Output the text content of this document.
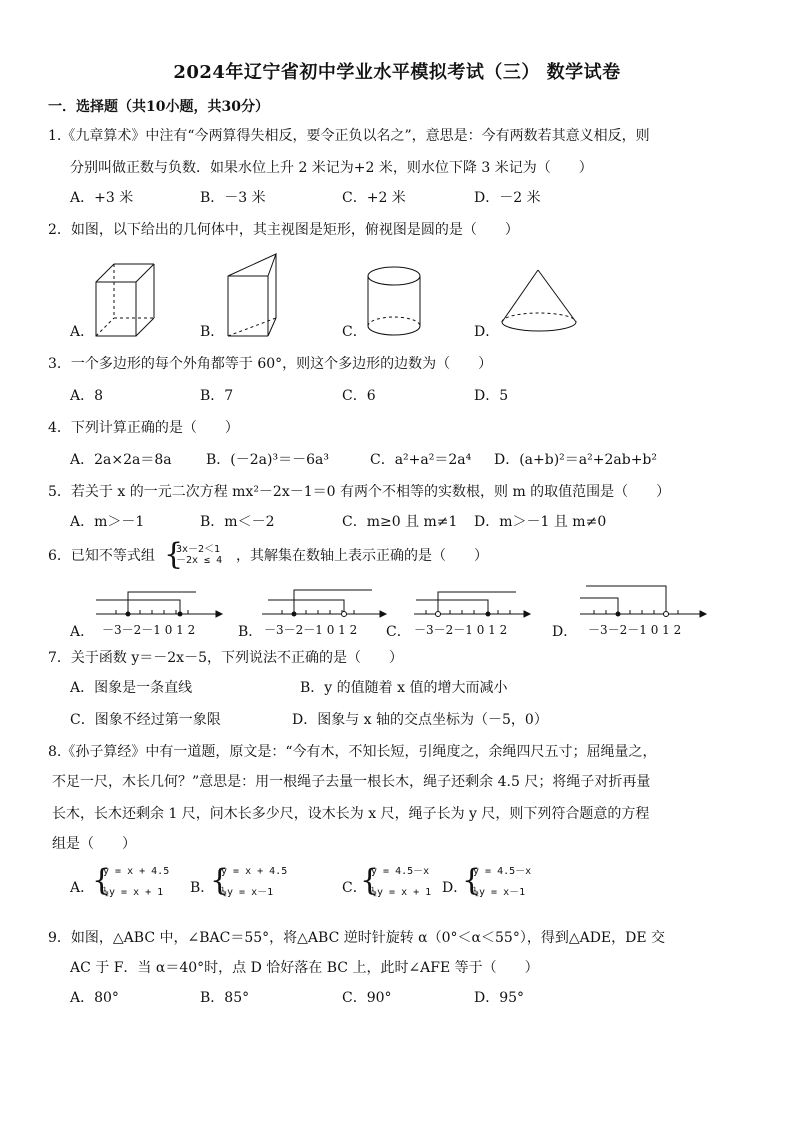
2024年辽宁省初中学业水平模拟考试（三） 数学试卷
一．选择题（共10小题，共30分）
1.《九章算术》中注有“今两算得失相反，要令正负以名之”，意思是：今有两数若其意义相反，则
分别叫做正数与负数．如果水位上升 2 米记为+2 米，则水位下降 3 米记为（　　）
A．+3 米	B．－3 米	C．+2 米	D．－2 米
2．如图，以下给出的几何体中，其主视图是矩形，俯视图是圆的是（　　）
A．	B．	C．	D．
3．一个多边形的每个外角都等于 60°，则这个多边形的边数为（　　）
A．8	B．7	C．6	D．5
4．下列计算正确的是（　　）
A．2a×2a＝8a B．(－2a)³＝－6a³	C．a²+a²＝2a⁴ D．(a+b)²＝a²+2ab+b²
5．若关于 x 的一元二次方程 mx²－2x－1＝0 有两个不相等的实数根，则 m 的取值范围是（　　）
A．m＞－1	B．m＜－2	C．m≥0 且 m≠1 D．m＞－1 且 m≠0
6．已知不等式组 {
3x－2＜1
－2x ≤ 4 ，其解集在数轴上表示正确的是（　　）
A． －3－2－1 0 1 2	B． －3－2－1 0 1 2 C． －3－2－1 0 1 2	D． －3－2－1 0 1 2
7．关于函数 y＝－2x－5，下列说法不正确的是（　　）
A．图象是一条直线	B．y 的值随着 x 值的增大而减小
C．图象不经过第一象限	D．图象与 x 轴的交点坐标为（－5，0）
8.《孙子算经》中有一道题，原文是：“今有木，不知长短，引绳度之，余绳四尺五寸；屈绳量之，
不足一尺，木长几何？”意思是：用一根绳子去量一根长木，绳子还剩余 4.5 尺；将绳子对折再量
长木，长木还剩余 1 尺，问木长多少尺，设木长为 x 尺，绳子长为 y 尺，则下列符合题意的方程
组是（　　）
A．
{
y = x + 4.5
½y = x + 1	B．
{
y = x + 4.5
½y = x－1	C．
{
y = 4.5－x
½y = x + 1 D．
{
y = 4.5－x
½y = x－1
9．如图，△ABC 中，∠BAC＝55°，将△ABC 逆时针旋转 α（0°＜α＜55°），得到△ADE，DE 交
AC 于 F．当 α＝40°时，点 D 恰好落在 BC 上，此时∠AFE 等于（　　）
A．80°	B．85°	C．90°	D．95°
